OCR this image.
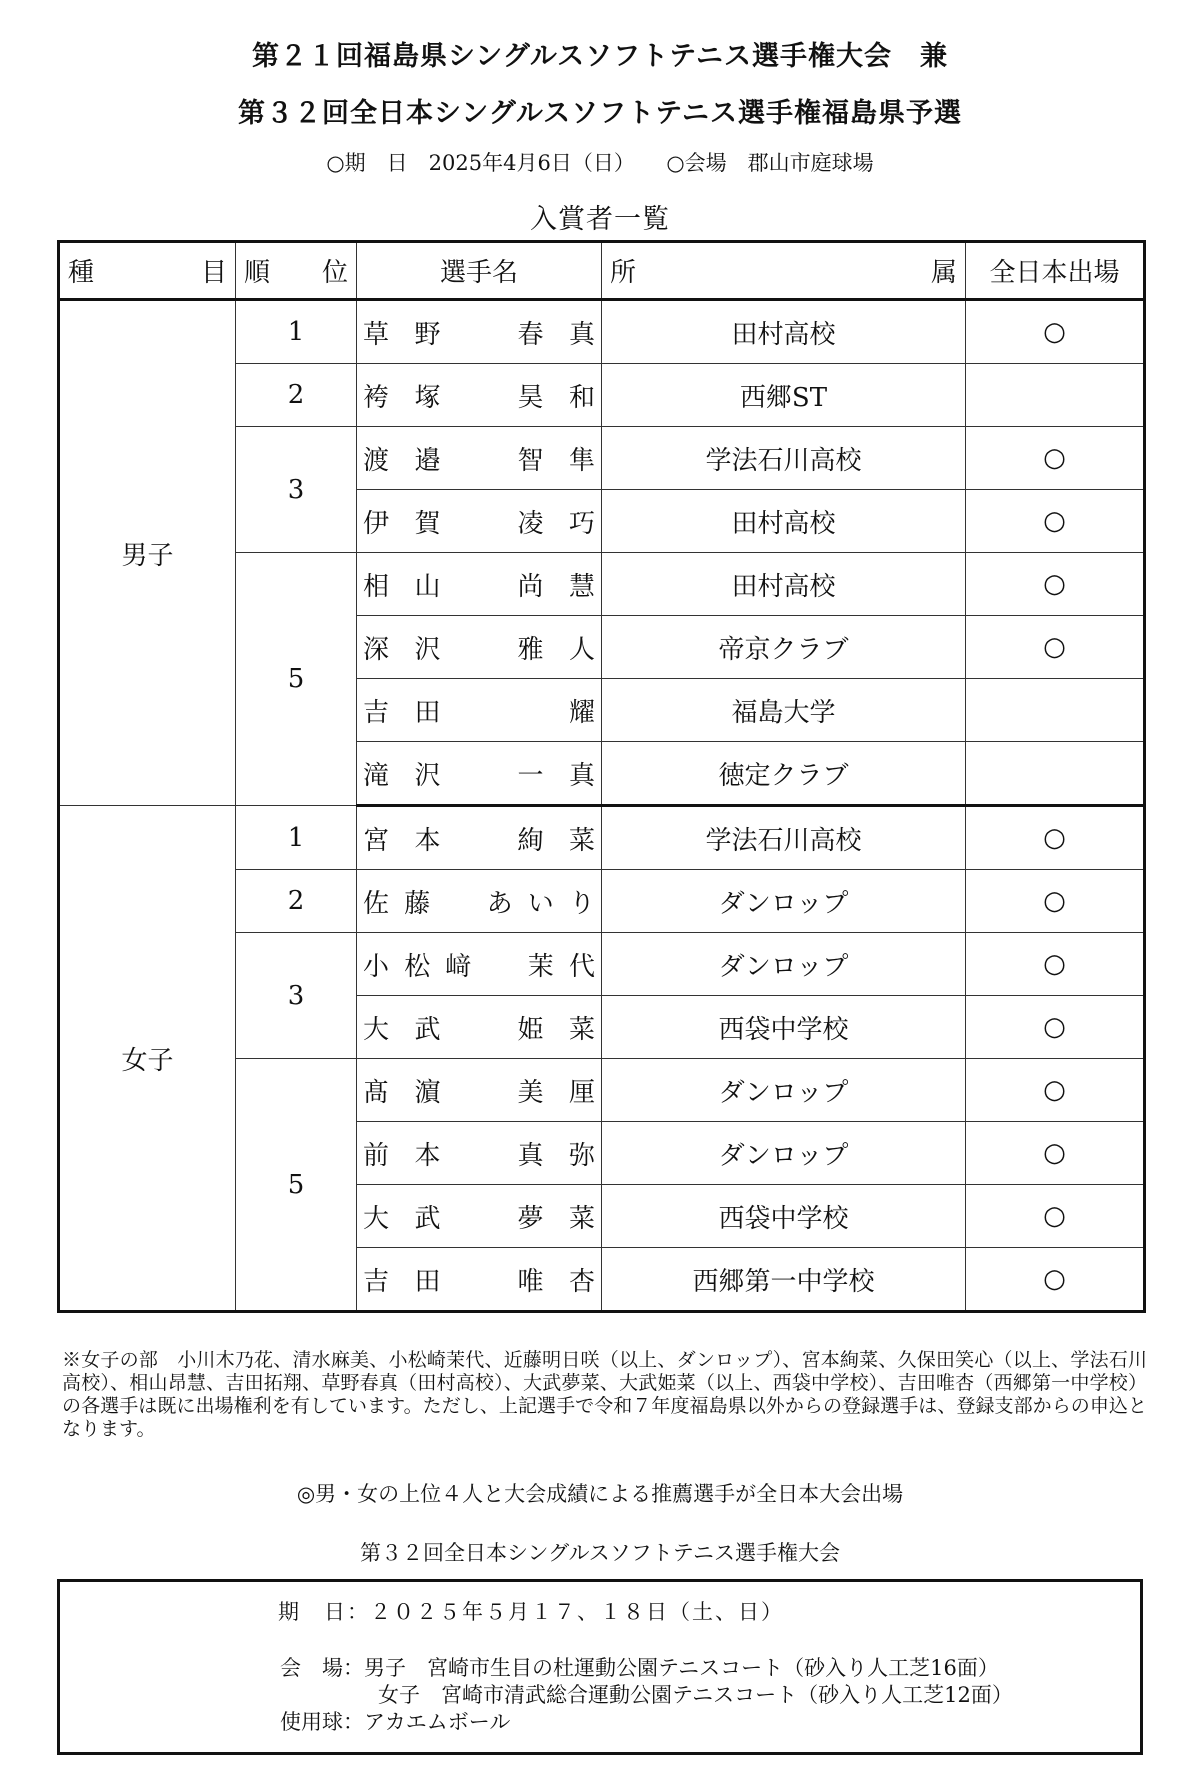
第２１回福島県シングルスソフトテニス選手権大会　兼
第３２回全日本シングルスソフトテニス選手権福島県予選
○期　日　2025年4月6日（日）　　○会場　郡山市庭球場
入賞者一覧
種目	順位	選手名	所属	全日本出場
男子	1	草野　春真	田村高校	○
	2	袴塚　昊和	西郷ST	
	3	渡邉　智隼	学法石川高校	○
		伊賀　凌巧	田村高校	○
	5	相山　尚慧	田村高校	○
		深沢　雅人	帝京クラブ	○
		吉田　　耀	福島大学	
		滝沢　一真	徳定クラブ	
女子	1	宮本　絢菜	学法石川高校	○
	2	佐藤　あいり	ダンロップ	○
	3	小松﨑　茉代	ダンロップ	○
		大武　姫菜	西袋中学校	○
	5	髙濵　美厘	ダンロップ	○
		前本　真弥	ダンロップ	○
		大武　夢菜	西袋中学校	○
		吉田　唯杏	西郷第一中学校	○
※女子の部　小川木乃花、清水麻美、小松崎茉代、近藤明日咲（以上、ダンロップ）、宮本絢菜、久保田笑心（以上、学法石川高校）、相山昂慧、吉田拓翔、草野春真（田村高校）、大武夢菜、大武姫菜（以上、西袋中学校）、吉田唯杏（西郷第一中学校）の各選手は既に出場権利を有しています。ただし、上記選手で令和７年度福島県以外からの登録選手は、登録支部からの申込となります。
◎男・女の上位４人と大会成績による推薦選手が全日本大会出場
第３２回全日本シングルスソフトテニス選手権大会
期　日：２０２５年５月１７、１８日（土、日）
会　場：男子　宮崎市生目の杜運動公園テニスコート（砂入り人工芝16面）
女子　宮崎市清武総合運動公園テニスコート（砂入り人工芝12面）
使用球：アカエムボール
